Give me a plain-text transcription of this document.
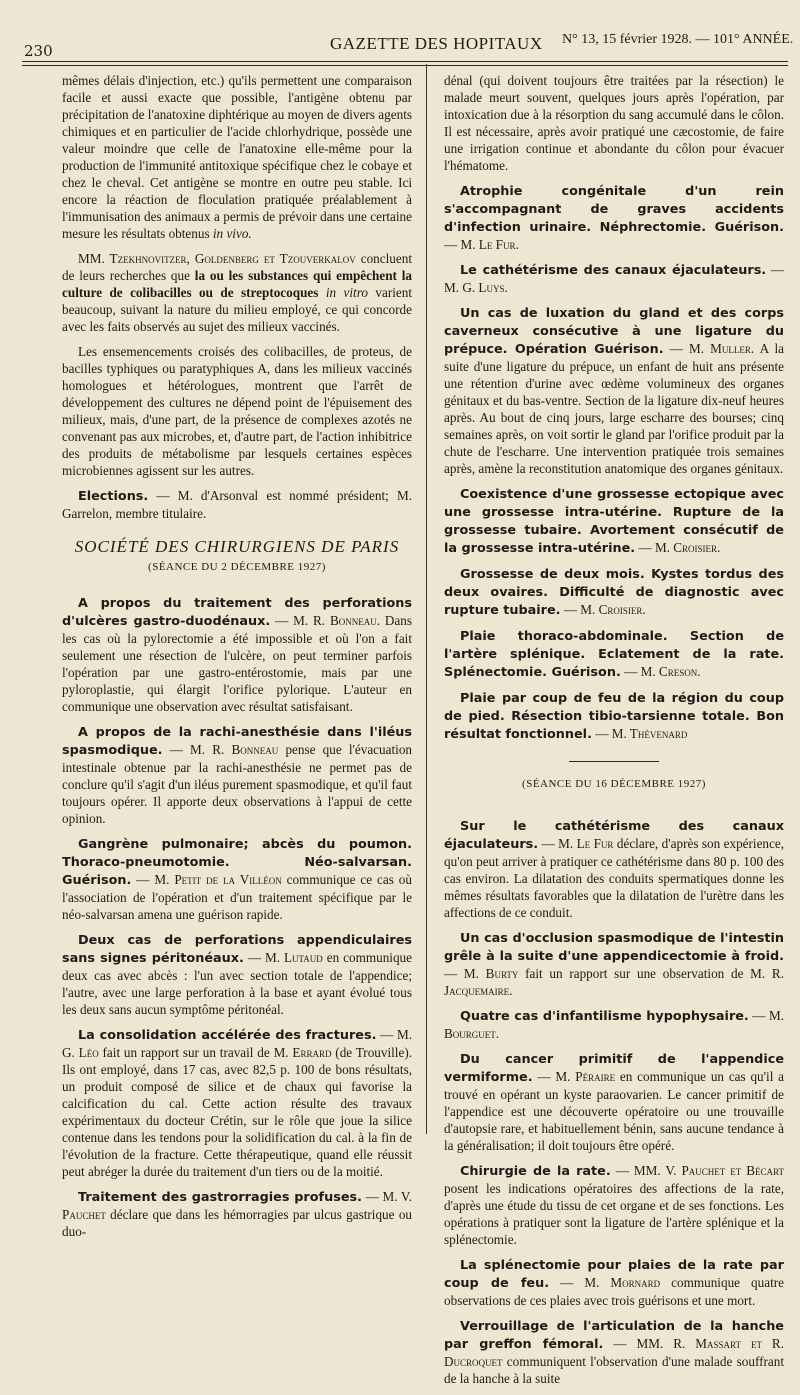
230	GAZETTE DES HOPITAUX N° 13, 15 février 1928. — 101° ANNÉE.

mêmes délais d'injection, etc.) qu'ils permettent une comparaison facile et aussi exacte que possible, l'antigène obtenu par précipitation de l'anatoxine diphtérique au moyen de divers agents chimiques et en particulier de l'acide chlorhydrique, possède une valeur moindre que celle de l'anatoxine elle-même pour la production de l'immunité antitoxique spécifique chez le cobaye et chez le cheval. Cet antigène se montre en outre peu stable. Ici encore la réaction de floculation pratiquée préalablement à l'immunisation des animaux a permis de prévoir dans une certaine mesure les résultats obtenus in vivo.

MM. Tzekhnovitzer, Goldenberg et Tzouverkalov concluent de leurs recherches que la ou les substances qui empêchent la culture de colibacilles ou de streptocoques in vitro varient beaucoup, suivant la nature du milieu employé, ce qui concorde avec les faits observés au sujet des milieux vaccinés.

Les ensemencements croisés des colibacilles, de proteus, de bacilles typhiques ou paratyphiques A, dans les milieux vaccinés homologues et hétérologues, montrent que l'arrêt de développement des cultures ne dépend point de l'épuisement des milieux, mais, d'une part, de la présence de complexes azotés ne convenant pas aux microbes, et, d'autre part, de l'action inhibitrice des produits de métabolisme par lesquels certaines espèces microbiennes agissent sur les autres.

Elections. — M. d'Arsonval est nommé président; M. Garrelon, membre titulaire.

SOCIÉTÉ DES CHIRURGIENS DE PARIS

(SÉANCE DU 2 DÉCEMBRE 1927)

A propos du traitement des perforations d'ulcères gastro-duodénaux. — M. R. Bonneau. Dans les cas où la pylorectomie a été impossible et où l'on a fait seulement une résection de l'ulcère, on peut terminer parfois l'opération par une gastro-entérostomie, mais par une pyloroplastie, qui élargit l'orifice pylorique. L'auteur en communique une observation avec résultat satisfaisant.

A propos de la rachi-anesthésie dans l'iléus spasmodique. — M. R. Bonneau pense que l'évacuation intestinale obtenue par la rachi-anesthésie ne permet pas de conclure qu'il s'agit d'un iléus purement spasmodique, et qu'il faut toujours opérer. Il apporte deux observations à l'appui de cette opinion.

Gangrène pulmonaire; abcès du poumon. Thoraco-pneumotomie. Néo-salvarsan. Guérison. — M. Petit de la Villéon communique ce cas où l'association de l'opération et d'un traitement spécifique par le néo-salvarsan amena une guérison rapide.

Deux cas de perforations appendiculaires sans signes péritonéaux. — M. Lutaud en communique deux cas avec abcès : l'un avec section totale de l'appendice; l'autre, avec une large perforation à la base et ayant évolué tous les deux sans aucun symptôme péritonéal.

La consolidation accélérée des fractures. — M. G. Léo fait un rapport sur un travail de M. Errard (de Trouville). Ils ont employé, dans 17 cas, avec 82,5 p. 100 de bons résultats, un produit composé de silice et de chaux qui favorise la calcification du cal. Cette action résulte des travaux expérimentaux du docteur Crétin, sur le rôle que joue la silice contenue dans les tendons pour la solidification du cal. à la fin de l'évolution de la fracture. Cette thérapeutique, quand elle réussit peut abréger la durée du traitement d'un tiers ou de la moitié.

Traitement des gastrorragies profuses. — M. V. Pauchet déclare que dans les hémorragies par ulcus gastrique ou duo-

dénal (qui doivent toujours être traitées par la résection) le malade meurt souvent, quelques jours après l'opération, par intoxication due à la résorption du sang accumulé dans le côlon. Il est nécessaire, après avoir pratiqué une cæcostomie, de faire une irrigation continue et abondante du côlon pour évacuer l'hématome.

Atrophie congénitale d'un rein s'accompagnant de graves accidents d'infection urinaire. Néphrectomie. Guérison. — M. Le Fur.

Le cathétérisme des canaux éjaculateurs. — M. G. Luys.

Un cas de luxation du gland et des corps caverneux consécutive à une ligature du prépuce. Opération Guérison. — M. Muller. A la suite d'une ligature du prépuce, un enfant de huit ans présente une rétention d'urine avec œdème volumineux des organes génitaux et du bas-ventre. Section de la ligature dix-neuf heures après. Au bout de cinq jours, large escharre des bourses; cinq semaines après, on voit sortir le gland par l'orifice produit par la chute de l'escharre. Une intervention pratiquée trois semaines après, amène la reconstitution anatomique des organes génitaux.

Coexistence d'une grossesse ectopique avec une grossesse intra-utérine. Rupture de la grossesse tubaire. Avortement consécutif de la grossesse intra-utérine. — M. Croisier.

Grossesse de deux mois. Kystes tordus des deux ovaires. Difficulté de diagnostic avec rupture tubaire. — M. Croisier.

Plaie thoraco-abdominale. Section de l'artère splénique. Eclatement de la rate. Splénectomie. Guérison. — M. Creson.

Plaie par coup de feu de la région du coup de pied. Résection tibio-tarsienne totale. Bon résultat fonctionnel. — M. Thévenard

(SÉANCE DU 16 DÉCEMBRE 1927)

Sur le cathétérisme des canaux éjaculateurs. — M. Le Fur déclare, d'après son expérience, qu'on peut arriver à pratiquer ce cathétérisme dans 80 p. 100 des cas environ. La dilatation des conduits spermatiques donne les mêmes résultats favorables que la dilatation de l'urètre dans les affections de ce conduit.

Un cas d'occlusion spasmodique de l'intestin grêle à la suite d'une appendicectomie à froid. — M. Burty fait un rapport sur une observation de M. R. Jacquemaire.

Quatre cas d'infantilisme hypophysaire. — M. Bourguet.

Du cancer primitif de l'appendice vermiforme. — M. Péraire en communique un cas qu'il a trouvé en opérant un kyste paraovarien. Le cancer primitif de l'appendice est une découverte opératoire ou une trouvaille d'autopsie rare, et habituellement bénin, sans aucune tendance à la généralisation; il doit toujours être opéré.

Chirurgie de la rate. — MM. V. Pauchet et Bécart posent les indications opératoires des affections de la rate, d'après une étude du tissu de cet organe et de ses fonctions. Les opérations à pratiquer sont la ligature de l'artère splénique et la splénectomie.

La splénectomie pour plaies de la rate par coup de feu. — M. Mornard communique quatre observations de ces plaies avec trois guérisons et une mort.

Verrouillage de l'articulation de la hanche par greffon fémoral. — MM. R. Massart et R. Ducroquet communiquent l'observation d'une malade souffrant de la hanche à la suite
